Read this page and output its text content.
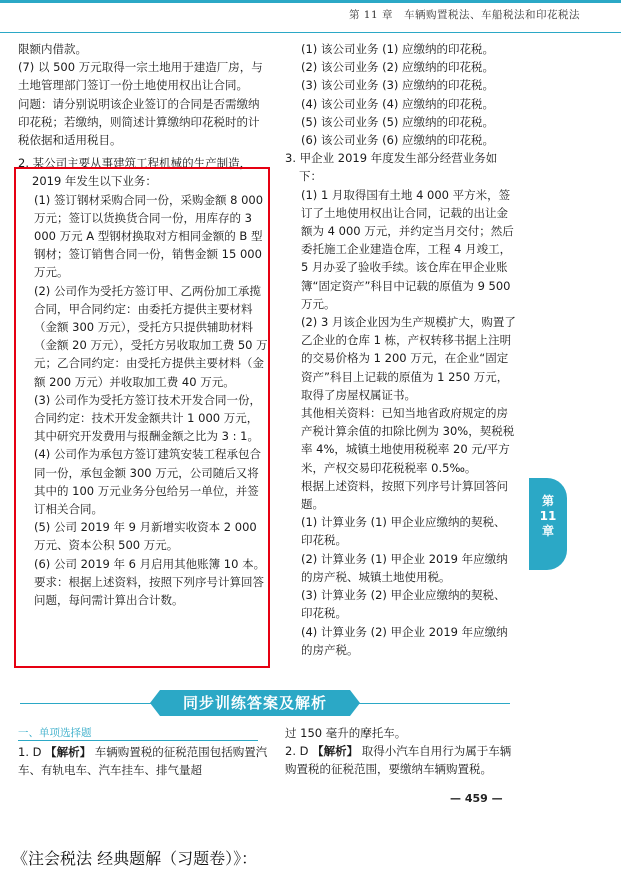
第 11 章　车辆购置税法、车船税法和印花税法

限额内借款。

(7) 以 500 万元取得一宗土地用于建造厂房，与土地管理部门签订一份土地使用权出让合同。

问题：请分别说明该企业签订的合同是否需缴纳印花税；若缴纳，则简述计算缴纳印花税时的计税依据和适用税目。

2. 某公司主要从事建筑工程机械的生产制造，2019 年发生以下业务：

(1) 签订钢材采购合同一份，采购金额 8 000 万元；签订以货换货合同一份，用库存的 3 000 万元 A 型钢材换取对方相同金额的 B 型钢材；签订销售合同一份，销售金额 15 000 万元。

(2) 公司作为受托方签订甲、乙两份加工承揽合同，甲合同约定：由委托方提供主要材料（金额 300 万元），受托方只提供辅助材料（金额 20 万元），受托方另收取加工费 50 万元；乙合同约定：由受托方提供主要材料（金额 200 万元）并收取加工费 40 万元。

(3) 公司作为受托方签订技术开发合同一份，合同约定：技术开发金额共计 1 000 万元，其中研究开发费用与报酬金额之比为 3 : 1。

(4) 公司作为承包方签订建筑安装工程承包合同一份，承包金额 300 万元，公司随后又将其中的 100 万元业务分包给另一单位，并签订相关合同。

(5) 公司 2019 年 9 月新增实收资本 2 000 万元、资本公积 500 万元。

(6) 公司 2019 年 6 月启用其他账簿 10 本。

要求：根据上述资料，按照下列序号计算回答问题，每问需计算出合计数。

(1) 该公司业务 (1) 应缴纳的印花税。

(2) 该公司业务 (2) 应缴纳的印花税。

(3) 该公司业务 (3) 应缴纳的印花税。

(4) 该公司业务 (4) 应缴纳的印花税。

(5) 该公司业务 (5) 应缴纳的印花税。

(6) 该公司业务 (6) 应缴纳的印花税。

3. 甲企业 2019 年度发生部分经营业务如下：

(1) 1 月取得国有土地 4 000 平方米，签订了土地使用权出让合同，记载的出让金额为 4 000 万元，并约定当月交付；然后委托施工企业建造仓库，工程 4 月竣工，5 月办妥了验收手续。该仓库在甲企业账簿“固定资产”科目中记载的原值为 9 500 万元。

(2) 3 月该企业因为生产规模扩大，购置了乙企业的仓库 1 栋，产权转移书据上注明的交易价格为 1 200 万元，在企业“固定资产”科目上记载的原值为 1 250 万元，取得了房屋权属证书。

其他相关资料：已知当地省政府规定的房产税计算余值的扣除比例为 30%，契税税率 4%，城镇土地使用税税率 20 元/平方米，产权交易印花税税率 0.5‰。

根据上述资料，按照下列序号计算回答问题。

(1) 计算业务 (1) 甲企业应缴纳的契税、印花税。

(2) 计算业务 (1) 甲企业 2019 年应缴纳的房产税、城镇土地使用税。

(3) 计算业务 (2) 甲企业应缴纳的契税、印花税。

(4) 计算业务 (2) 甲企业 2019 年应缴纳的房产税。

第
11
章
同步训练答案及解析
一、单项选择题

1. D 【解析】 车辆购置税的征税范围包括购置汽车、有轨电车、汽车挂车、排气量超

过 150 毫升的摩托车。

2. D 【解析】 取得小汽车自用行为属于车辆购置税的征税范围，要缴纳车辆购置税。

— 459 —
《注会税法 经典题解（习题卷）》：
